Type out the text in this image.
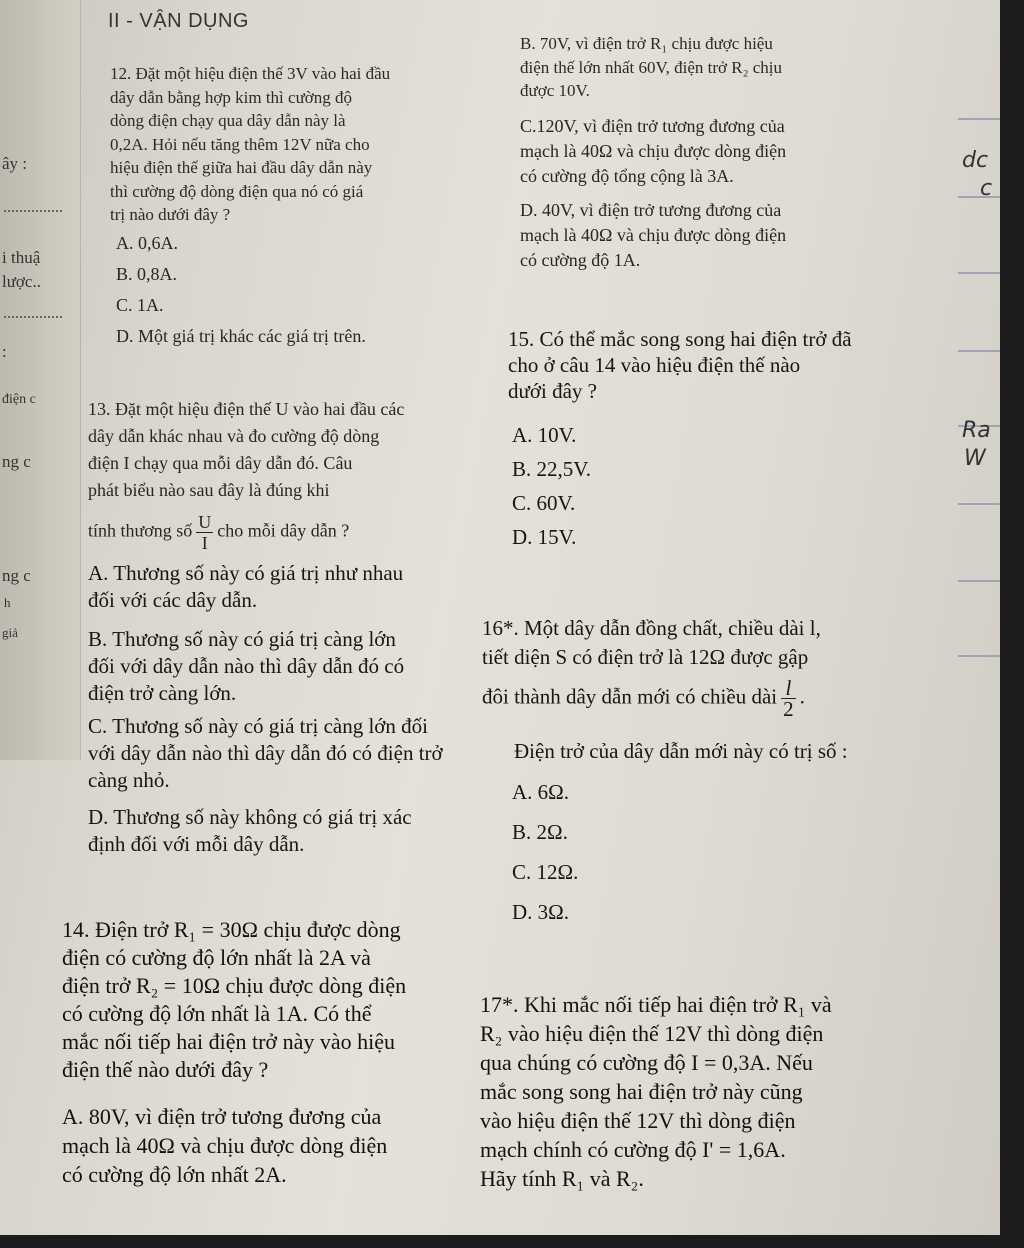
ây :
i thuậ
lược..
:
điện c
ng c
ng c
h
giả
dc
c
Ra
W
II - VẬN DỤNG

12. Đặt một hiệu điện thế 3V vào hai đầu

dây dẫn bằng hợp kim thì cường độ

dòng điện chạy qua dây dẫn này là

0,2A. Hỏi nếu tăng thêm 12V nữa cho

hiệu điện thế giữa hai đầu dây dẫn này

thì cường độ dòng điện qua nó có giá

trị nào dưới đây ?

A. 0,6A.

B. 0,8A.

C. 1A.

D. Một giá trị khác các giá trị trên.

B. 70V, vì điện trở R₁ chịu được hiệu

điện thế lớn nhất 60V, điện trở R₂ chịu

được 10V.

C.120V, vì điện trở tương đương của

mạch là 40Ω và chịu được dòng điện

có cường độ tổng cộng là 3A.

D. 40V, vì điện trở tương đương của

mạch là 40Ω và chịu được dòng điện

có cường độ 1A.

15. Có thể mắc song song hai điện trở đã

cho ở câu 14 vào hiệu điện thế nào

dưới đây ?

A. 10V.

B. 22,5V.

C. 60V.

D. 15V.

13. Đặt một hiệu điện thế U vào hai đầu các

dây dẫn khác nhau và đo cường độ dòng

điện I chạy qua mỗi dây dẫn đó. Câu

phát biểu nào sau đây là đúng khi

tính thương số $\frac{U}{I}$ cho mỗi dây dẫn ?

A. Thương số này có giá trị như nhau

đối với các dây dẫn.

B. Thương số này có giá trị càng lớn

đối với dây dẫn nào thì dây dẫn đó có

điện trở càng lớn.

C. Thương số này có giá trị càng lớn đối

với dây dẫn nào thì dây dẫn đó có điện trở

càng nhỏ.

D. Thương số này không có giá trị xác

định đối với mỗi dây dẫn.

16*. Một dây dẫn đồng chất, chiều dài l,

tiết diện S có điện trở là 12Ω được gập

đôi thành dây dẫn mới có chiều dài $\frac{l}{2}$ .

Điện trở của dây dẫn mới này có trị số :

A. 6Ω.

B. 2Ω.

C. 12Ω.

D. 3Ω.

14. Điện trở R₁ = 30Ω chịu được dòng

điện có cường độ lớn nhất là 2A và

điện trở R₂ = 10Ω chịu được dòng điện

có cường độ lớn nhất là 1A. Có thể

mắc nối tiếp hai điện trở này vào hiệu

điện thế nào dưới đây ?

A. 80V, vì điện trở tương đương của

mạch là 40Ω và chịu được dòng điện

có cường độ lớn nhất 2A.

17*. Khi mắc nối tiếp hai điện trở R₁ và

R₂ vào hiệu điện thế 12V thì dòng điện

qua chúng có cường độ I = 0,3A. Nếu

mắc song song hai điện trở này cũng

vào hiệu điện thế 12V thì dòng điện

mạch chính có cường độ I' = 1,6A.

Hãy tính R₁ và R₂.
